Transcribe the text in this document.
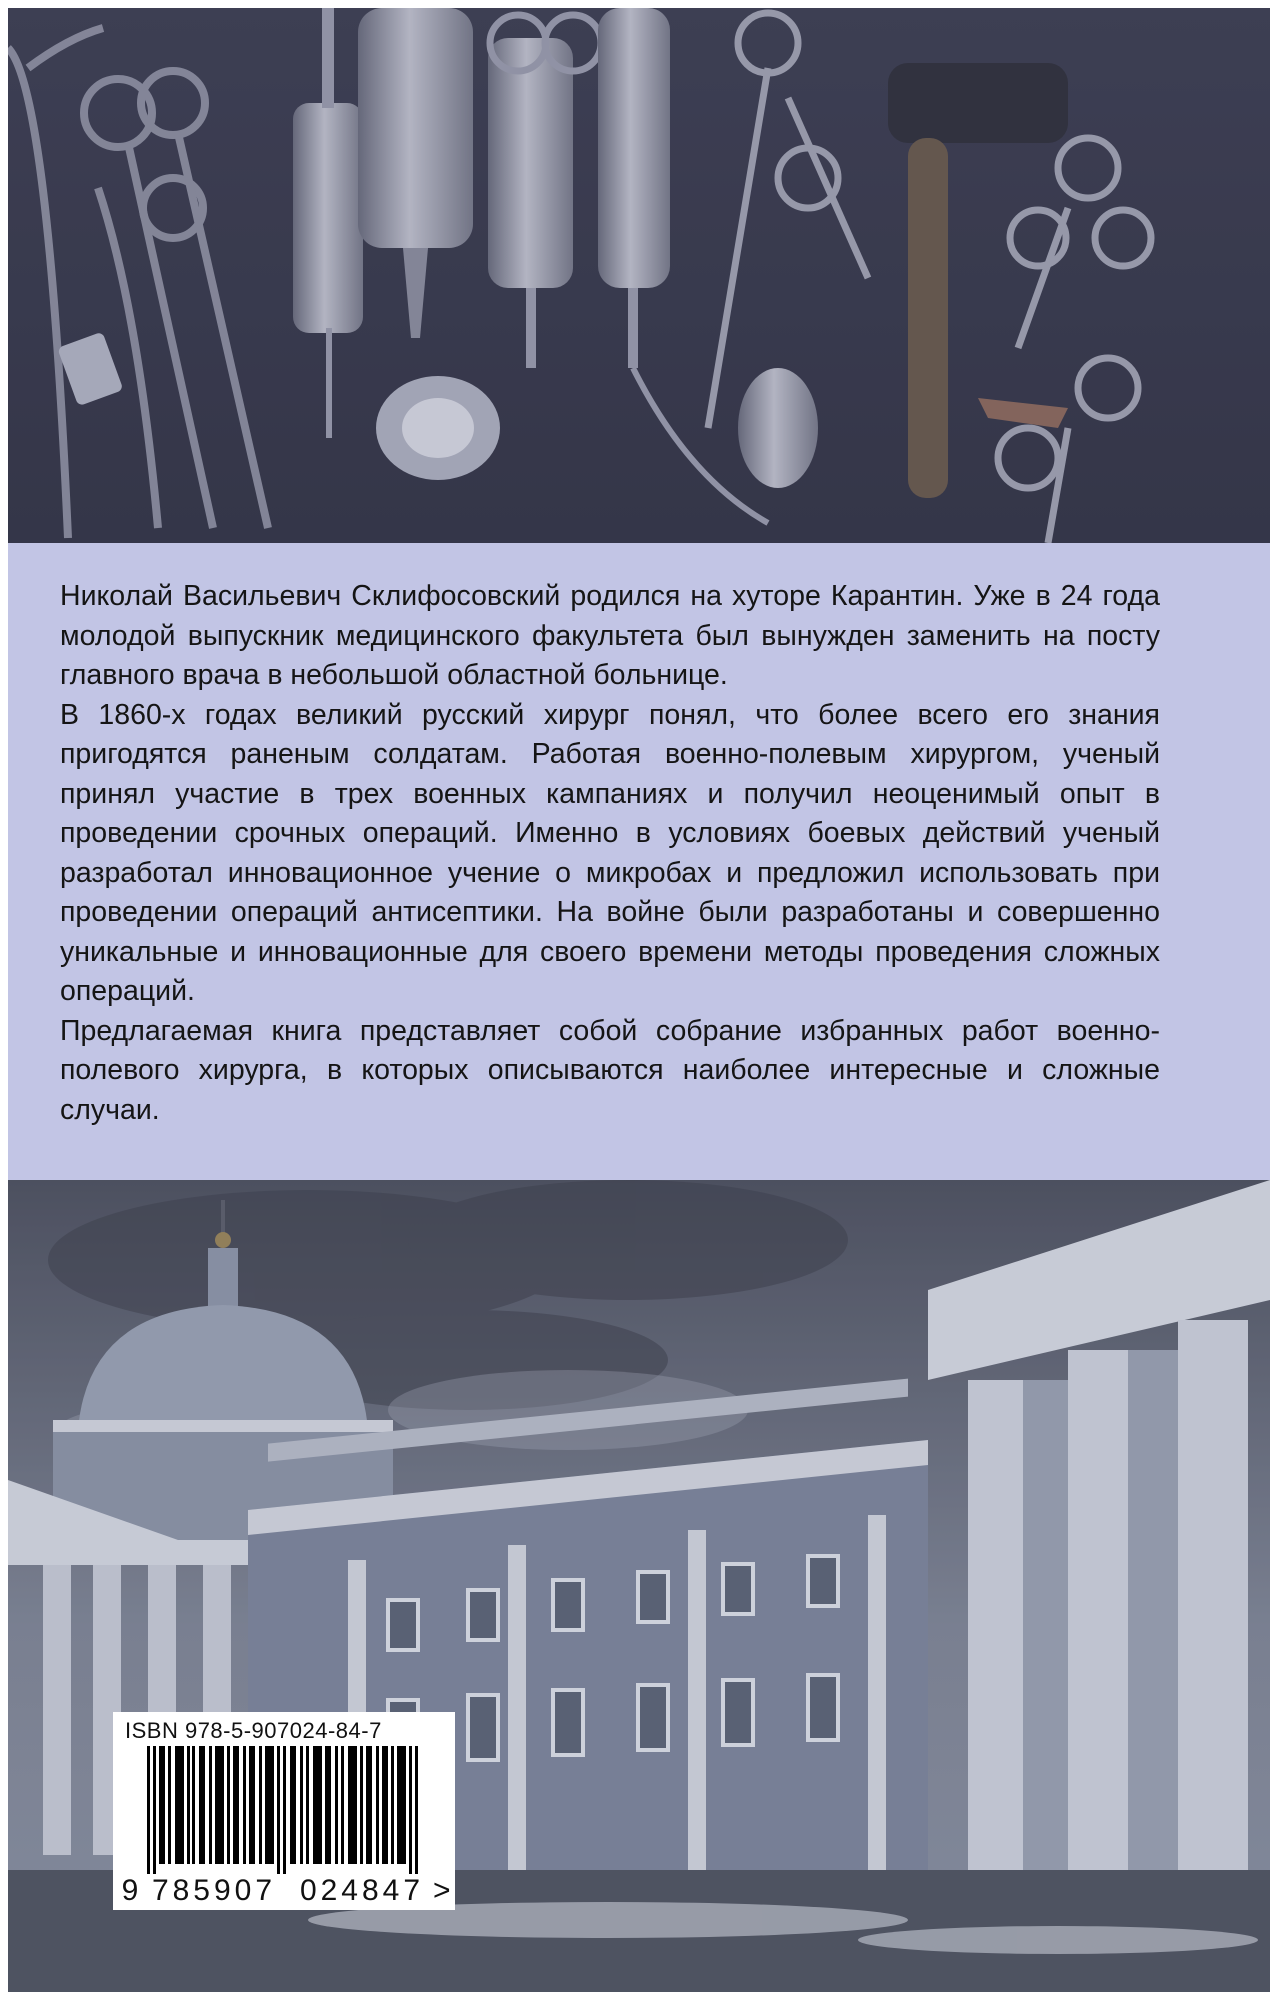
Николай Васильевич Склифосовский родился на хуторе Карантин. Уже в 24 года молодой выпускник медицинского факультета был вынужден заменить на посту главного врача в небольшой областной больнице.

В 1860-х годах великий русский хирург понял, что более всего его знания пригодятся раненым солдатам. Работая военно-полевым хирургом, ученый принял участие в трех военных кампаниях и получил неоценимый опыт в проведении срочных операций. Именно в условиях боевых действий ученый разработал инновационное учение о микробах и предложил использовать при проведении операций антисептики. На войне были разработаны и совершенно уникальные и инновационные для своего времени методы проведения сложных операций.

Предлагаемая книга представляет собой собрание избранных работ военно-полевого хирурга, в которых описываются наиболее интересные и сложные случаи.

ISBN 978-5-907024-84-7
9 785907 024847 >
